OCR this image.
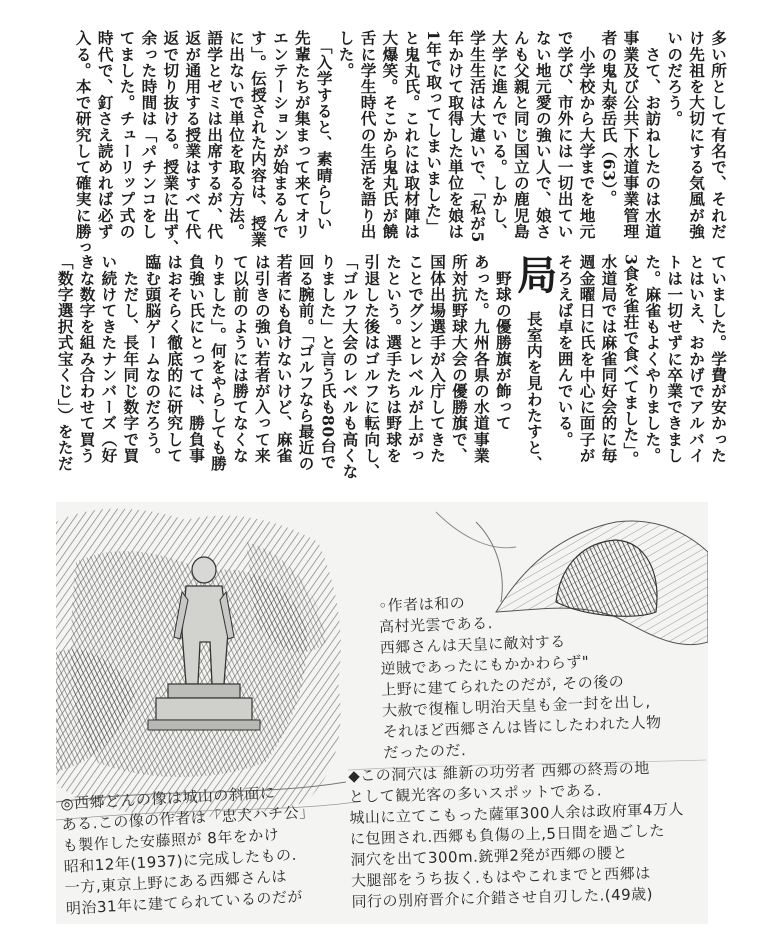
多い所として有名で、それだ

け先祖を大切にする気風が強

いのだろう。

　さて、お訪ねしたのは水道

事業及び公共下水道事業管理

者の鬼丸泰岳氏（63）。

　小学校から大学までを地元

で学び、市外には一切出てい

ない地元愛の強い人で、娘さ

んも父親と同じ国立の鹿児島

大学に進んでいる。しかし、

学生生活は大違いで、「私が5

年かけて取得した単位を娘は

1年で取ってしまいました」

と鬼丸氏。これには取材陣は

大爆笑。そこから鬼丸氏が饒

舌に学生時代の生活を語り出

した。

　「入学すると、素晴らしい

先輩たちが集まって来てオリ

エンテーションが始まるんで

す」。伝授された内容は、授業

に出ないで単位を取る方法。

語学とゼミは出席するが、代

返が通用する授業はすべて代

返で切り抜ける。授業に出ず、

余った時間は「パチンコをし

てました。チューリップ式の

時代で、釘さえ読めれば必ず

入る。本で研究して確実に勝っ

ていました。学費が安かった

とはいえ、おかげでアルバイ

トは一切せずに卒業できまし

た。麻雀もよくやりました。

3食を雀荘で食べてました」。

水道局では麻雀同好会的に毎

週金曜日に氏を中心に面子が

そろえば卓を囲んでいる。

局　長室内を見わたすと、

　野球の優勝旗が飾って

あった。九州各県の水道事業

所対抗野球大会の優勝旗で、

国体出場選手が入庁してきた

ことでグンとレベルが上がっ

たという。選手たちは野球を

引退した後はゴルフに転向し、

「ゴルフ大会のレベルも高くな

りました」と言う氏も80台で

回る腕前。「ゴルフなら最近の

若者にも負けないけど、麻雀

は引きの強い若者が入って来

て以前のようには勝てなくな

りました」。何をやらしても勝

負強い氏にとっては、勝負事

はおそらく徹底的に研究して

臨む頭脳ゲームなのだろう。

　ただし、長年同じ数字で買

い続けてきたナンバーズ（好

きな数字を組み合わせて買う

「数字選択式宝くじ」）をただ

◦作者は和の
高村光雲である.
西郷さんは天皇に敵対する
逆賊であったにもかかわらず"
上野に建てられたのだが, その後の
大赦で復権し明治天皇も金一封を出し,
それほど西郷さんは皆にしたわれた人物
だったのだ.
◆この洞穴は 維新の功労者 西郷の終焉の地
として観光客の多いスポットである.
城山に立てこもった薩軍300人余は政府軍4万人
に包囲され.西郷も負傷の上,5日間を過ごした
洞穴を出て300m.銃弾2発が西郷の腰と
大腿部をうち抜く.もはやこれまでと西郷は
同行の別府晋介に介錯させ自刃した.(49歳)
◎西郷どんの像は城山の斜面に
ある.この像の作者は「忠犬ハチ公」
も製作した安藤照が 8年をかけ
昭和12年(1937)に完成したもの.
一方,東京上野にある西郷さんは
明治31年に建てられているのだが
